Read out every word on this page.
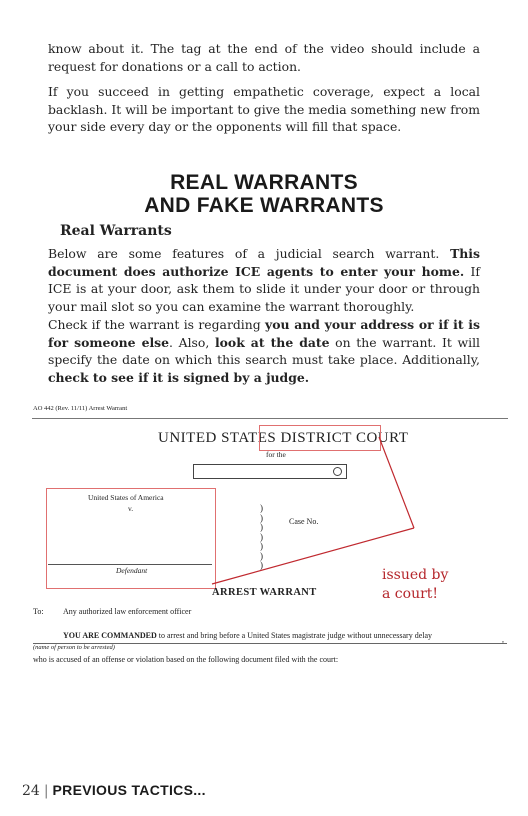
know about it. The tag at the end of the video should include a request for donations or a call to action.

If you succeed in getting empathetic coverage, expect a local backlash. It will be important to give the media something new from your side every day or the opponents will fill that space.

REAL WARRANTS
AND FAKE WARRANTS
Real Warrants

Below are some features of a judicial search warrant. This document does authorize ICE agents to enter your home. If ICE is at your door, ask them to slide it under your door or through your mail slot so you can examine the warrant thoroughly.

Check if the warrant is regarding you and your address or if it is for someone else. Also, look at the date on the warrant. It will specify the date on which this search must take place. Additionally, check to see if it is signed by a judge.

AO 442 (Rev. 11/11) Arrest Warrant
UNITED STATES DISTRICT COURT
for the
United States of America
v.
Defendant
)
)
)
)
)
)
)
Case No.
ARREST WARRANT
issued by
a court!
To: Any authorized law enforcement officer
YOU ARE COMMANDED to arrest and bring before a United States magistrate judge without unnecessary delay	,
(name of person to be arrested)
who is accused of an offense or violation based on the following document filed with the court:
24 | PREVIOUS TACTICS...
